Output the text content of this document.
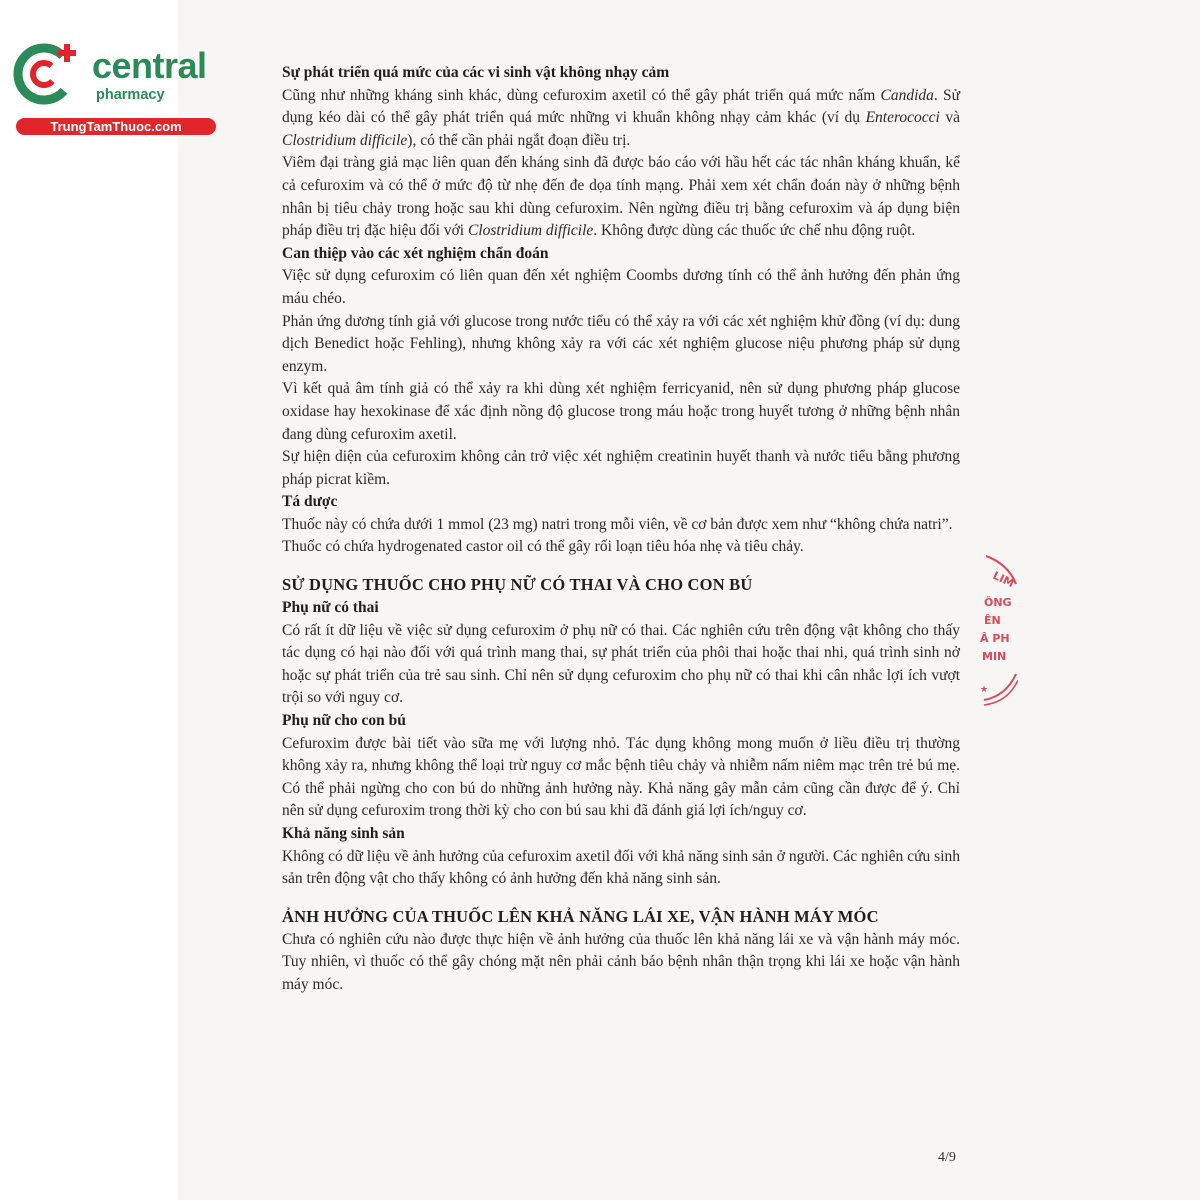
central
pharmacy
TrungTamThuoc.com
LIM
ÔNG
ÊN
Â PH
MIN
★
Sự phát triển quá mức của các vi sinh vật không nhạy cảm

Cũng như những kháng sinh khác, dùng cefuroxim axetil có thể gây phát triển quá mức nấm Candida. Sử dụng kéo dài có thể gây phát triển quá mức những vi khuẩn không nhạy cảm khác (ví dụ Enterococci và Clostridium difficile), có thể cần phải ngắt đoạn điều trị.

Viêm đại tràng giả mạc liên quan đến kháng sinh đã được báo cáo với hầu hết các tác nhân kháng khuẩn, kể cả cefuroxim và có thể ở mức độ từ nhẹ đến đe dọa tính mạng. Phải xem xét chẩn đoán này ở những bệnh nhân bị tiêu chảy trong hoặc sau khi dùng cefuroxim. Nên ngừng điều trị bằng cefuroxim và áp dụng biện pháp điều trị đặc hiệu đối với Clostridium difficile. Không được dùng các thuốc ức chế nhu động ruột.

Can thiệp vào các xét nghiệm chẩn đoán

Việc sử dụng cefuroxim có liên quan đến xét nghiệm Coombs dương tính có thể ảnh hưởng đến phản ứng máu chéo.

Phản ứng dương tính giả với glucose trong nước tiểu có thể xảy ra với các xét nghiệm khử đồng (ví dụ: dung dịch Benedict hoặc Fehling), nhưng không xảy ra với các xét nghiệm glucose niệu phương pháp sử dụng enzym.

Vì kết quả âm tính giả có thể xảy ra khi dùng xét nghiệm ferricyanid, nên sử dụng phương pháp glucose oxidase hay hexokinase để xác định nồng độ glucose trong máu hoặc trong huyết tương ở những bệnh nhân đang dùng cefuroxim axetil.

Sự hiện diện của cefuroxim không cản trở việc xét nghiệm creatinin huyết thanh và nước tiểu bằng phương pháp picrat kiềm.

Tá dược

Thuốc này có chứa dưới 1 mmol (23 mg) natri trong mỗi viên, về cơ bản được xem như “không chứa natri”.

Thuốc có chứa hydrogenated castor oil có thể gây rối loạn tiêu hóa nhẹ và tiêu chảy.

SỬ DỤNG THUỐC CHO PHỤ NỮ CÓ THAI VÀ CHO CON BÚ
Phụ nữ có thai

Có rất ít dữ liệu về việc sử dụng cefuroxim ở phụ nữ có thai. Các nghiên cứu trên động vật không cho thấy tác dụng có hại nào đối với quá trình mang thai, sự phát triển của phôi thai hoặc thai nhi, quá trình sinh nở hoặc sự phát triển của trẻ sau sinh. Chỉ nên sử dụng cefuroxim cho phụ nữ có thai khi cân nhắc lợi ích vượt trội so với nguy cơ.

Phụ nữ cho con bú

Cefuroxim được bài tiết vào sữa mẹ với lượng nhỏ. Tác dụng không mong muốn ở liều điều trị thường không xảy ra, nhưng không thể loại trừ nguy cơ mắc bệnh tiêu chảy và nhiễm nấm niêm mạc trên trẻ bú mẹ. Có thể phải ngừng cho con bú do những ảnh hưởng này. Khả năng gây mẫn cảm cũng cần được để ý. Chỉ nên sử dụng cefuroxim trong thời kỳ cho con bú sau khi đã đánh giá lợi ích/nguy cơ.

Khả năng sinh sản

Không có dữ liệu về ảnh hưởng của cefuroxim axetil đối với khả năng sinh sản ở người. Các nghiên cứu sinh sản trên động vật cho thấy không có ảnh hưởng đến khả năng sinh sản.

ẢNH HƯỞNG CỦA THUỐC LÊN KHẢ NĂNG LÁI XE, VẬN HÀNH MÁY MÓC

Chưa có nghiên cứu nào được thực hiện về ảnh hưởng của thuốc lên khả năng lái xe và vận hành máy móc. Tuy nhiên, vì thuốc có thể gây chóng mặt nên phải cảnh báo bệnh nhân thận trọng khi lái xe hoặc vận hành máy móc.

4/9
